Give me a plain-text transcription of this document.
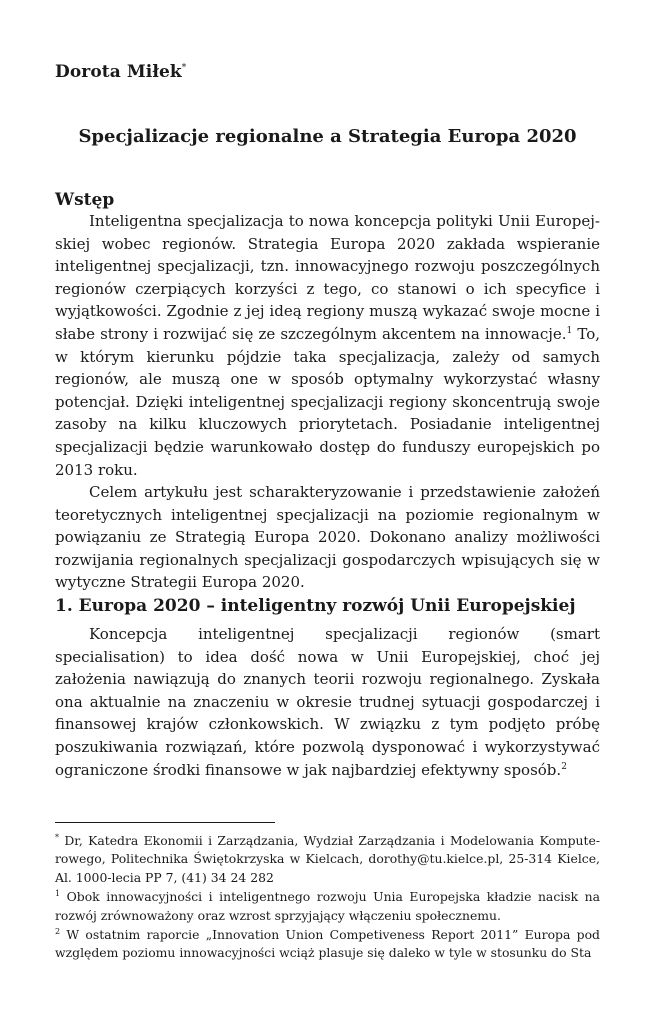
Dorota Miłek*
Specjalizacje regionalne a Strategia Europa 2020
Wstęp

Inteligentna specjalizacja to nowa koncepcja polityki Unii Europejskiej wobec regionów. Strategia Europa 2020 zakłada wspieranie inteligentnej specjalizacji, tzn. innowacyjnego rozwoju poszczególnych regionów czerpiących korzyści z tego, co stanowi o ich specyfice i wyjątkowości. Zgodnie z jej ideą regiony muszą wykazać swoje mocne i słabe strony i rozwijać się ze szczególnym akcentem na innowacje.$^1$ To, w którym kierunku pójdzie taka specjalizacja, zależy od samych regionów, ale muszą one w sposób optymalny wykorzystać własny potencjał. Dzięki inteligentnej specjalizacji regiony skoncentrują swoje zasoby na kilku kluczowych priorytetach. Posiadanie inteligentnej specjalizacji będzie warunkowało dostęp do funduszy europejskich po 2013 roku.

Celem artykułu jest scharakteryzowanie i przedstawienie założeń teoretycznych inteligentnej specjalizacji na poziomie regionalnym w powiązaniu ze Strategią Europa 2020. Dokonano analizy możliwości rozwijania regionalnych specjalizacji gospodarczych wpisujących się w wytyczne Strategii Europa 2020.

1. Europa 2020 – inteligentny rozwój Unii Europejskiej

Koncepcja inteligentnej specjalizacji regionów (smart specialisation) to idea dość nowa w Unii Europejskiej, choć jej założenia nawiązują do znanych teorii rozwoju regionalnego. Zyskała ona aktualnie na znaczeniu w okresie trudnej sytuacji gospodarczej i finansowej krajów członkowskich. W związku z tym podjęto próbę poszukiwania rozwiązań, które pozwolą dysponować i wykorzystywać ograniczone środki finansowe w jak najbardziej efektywny sposób.$^2$

* Dr, Katedra Ekonomii i Zarządzania, Wydział Zarządzania i Modelowania Komputerowego, Politechnika Świętokrzyska w Kielcach, dorothy@tu.kielce.pl, 25-314 Kielce, Al. 1000-lecia PP 7, (41) 34 24 282

$^1$ Obok innowacyjności i inteligentnego rozwoju Unia Europejska kładzie nacisk na rozwój zrównoważony oraz wzrost sprzyjający włączeniu społecznemu.

$^2$ W ostatnim raporcie „Innovation Union Competiveness Report 2011” Europa pod względem poziomu innowacyjności wciąż plasuje się daleko w tyle w stosunku do Sta
